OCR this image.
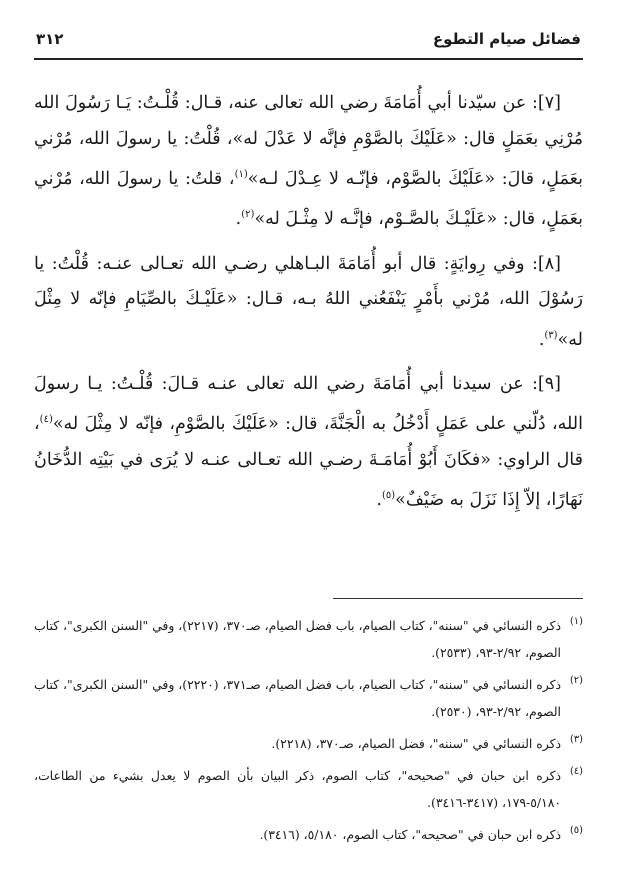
فضائل صيام التطوع
٣١٢

[٧]: عن سيّدنا أبي أُمَامَةَ رضي الله تعالى عنه، قـال: قُلْـتُ: يَـا رَسُولَ الله مُرْنِي بعَمَلٍ قال: «عَلَيْكَ بالصَّوْمِ فإنَّه لا عَدْلَ له»، قُلْتُ: يا رسولَ الله، مُرْني بعَمَلٍ، قالَ: «عَلَيْكَ بالصَّوْم، فإنّـه لا عِـدْلَ لـه»$^{(١)}$، قلتُ: يا رسولَ الله، مُرْني بعَمَلٍ، قال: «عَلَيْـكَ بالصَّـوْم، فإنَّـه لا مِثْـلَ له»$^{(٢)}$.

[٨]: وفي رِوايَةٍ: قال أبو أُمَامَةَ البـاهلي رضـي الله تعـالى عنـه: قُلْتُ: يا رَسُوْلَ الله، مُرْني بأَمْرٍ يَنْفَعُني اللهُ بـه، قـال: «عَلَيْـكَ بالصِّيَامِ فإنّه لا مِثْلَ له»$^{(٣)}$.

[٩]: عن سيدنا أبي أُمَامَةَ رضي الله تعالى عنـه قـالَ: قُلْـتُ: يـا رسولَ الله، دُلّني على عَمَلٍ أَدْخُلُ به الْجَنَّةَ، قال: «عَلَيْكَ بالصَّوْمِ، فإنّه لا مِثْلَ له»$^{(٤)}$، قال الراوي: «فكَانَ أَبُوْ أُمَامَـةَ رضـي الله تعـالى عنـه لا يُرَى في بَيْتِه الدُّخَانُ نَهَارًا، إلاّ إِذَا نَزَلَ به ضَيْفٌ»$^{(٥)}$.

(١)
ذكره النسائي في "سننه"، كتاب الصيام، باب فضل الصيام، صـ٣٧٠، (٢٢١٧)، وفي "السنن الكبرى"، كتاب الصوم، ٢/٩٢-٩٣، (٢٥٣٣).
(٢)
ذكره النسائي في "سننه"، كتاب الصيام، باب فضل الصيام، صـ٣٧١، (٢٢٢٠)، وفي "السنن الكبرى"، كتاب الصوم، ٢/٩٢-٩٣، (٢٥٣٠).
(٣)
ذكره النسائي في "سننه"، فضل الصيام، صـ٣٧٠، (٢٢١٨).
(٤)
ذكره ابن حبان في "صحيحه"، كتاب الصوم، ذكر البيان بأن الصوم لا يعدل بشيء من الطاعات، ٥/١٨٠-١٧٩، (٣٤١٧-٣٤١٦).
(٥)
ذكره ابن حبان في "صحيحه"، كتاب الصوم، ٥/١٨٠، (٣٤١٦).
